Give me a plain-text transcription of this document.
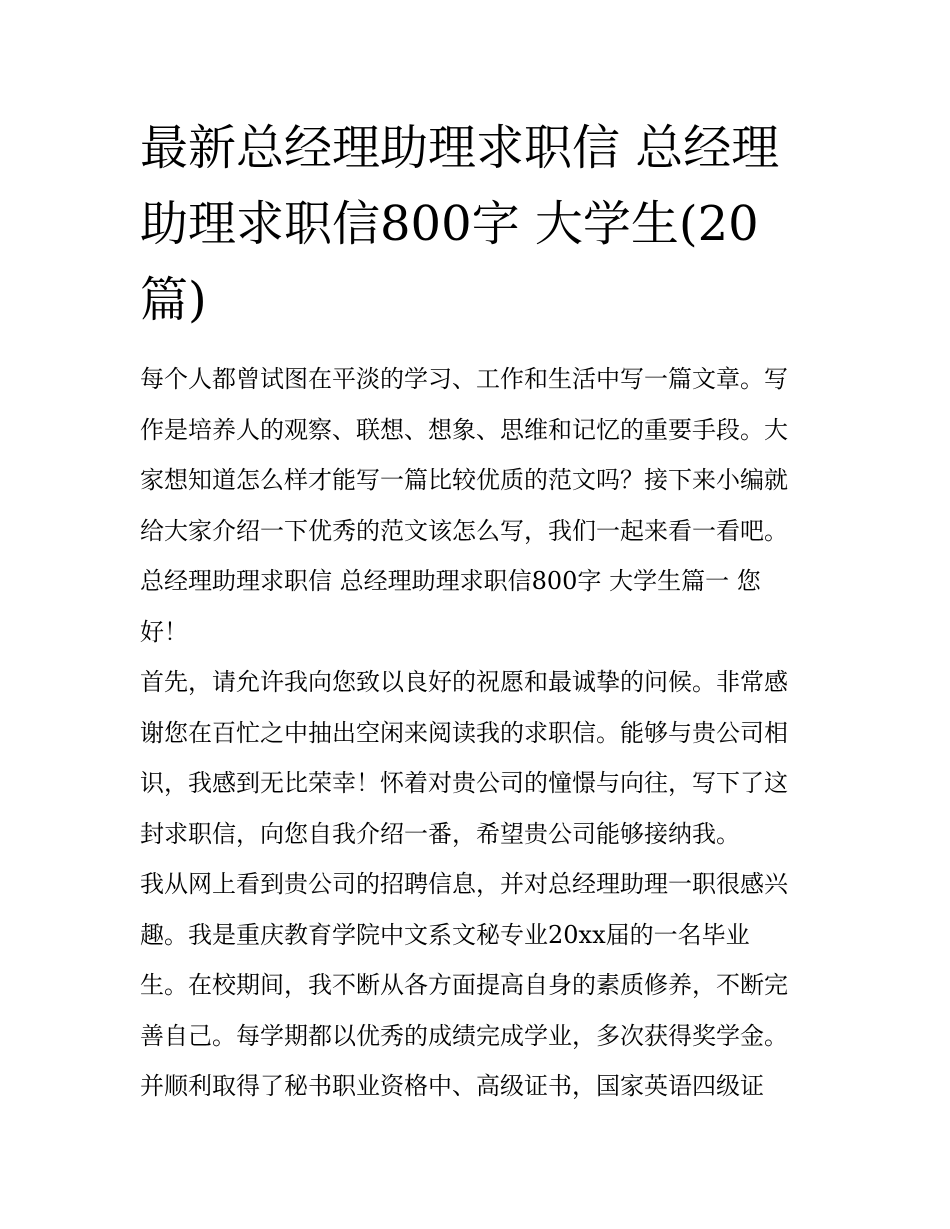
最新总经理助理求职信 总经理
助理求职信800字 大学生(20
篇)
每个人都曾试图在平淡的学习、工作和生活中写一篇文章。写
作是培养人的观察、联想、想象、思维和记忆的重要手段。大
家想知道怎么样才能写一篇比较优质的范文吗？接下来小编就
给大家介绍一下优秀的范文该怎么写，我们一起来看一看吧。
总经理助理求职信 总经理助理求职信800字 大学生篇一 您
好！
首先，请允许我向您致以良好的祝愿和最诚挚的问候。非常感
谢您在百忙之中抽出空闲来阅读我的求职信。能够与贵公司相
识，我感到无比荣幸！怀着对贵公司的憧憬与向往，写下了这
封求职信，向您自我介绍一番，希望贵公司能够接纳我。
我从网上看到贵公司的招聘信息，并对总经理助理一职很感兴
趣。我是重庆教育学院中文系文秘专业20xx届的一名毕业
生。在校期间，我不断从各方面提高自身的素质修养，不断完
善自己。每学期都以优秀的成绩完成学业，多次获得奖学金。
并顺利取得了秘书职业资格中、高级证书，国家英语四级证
